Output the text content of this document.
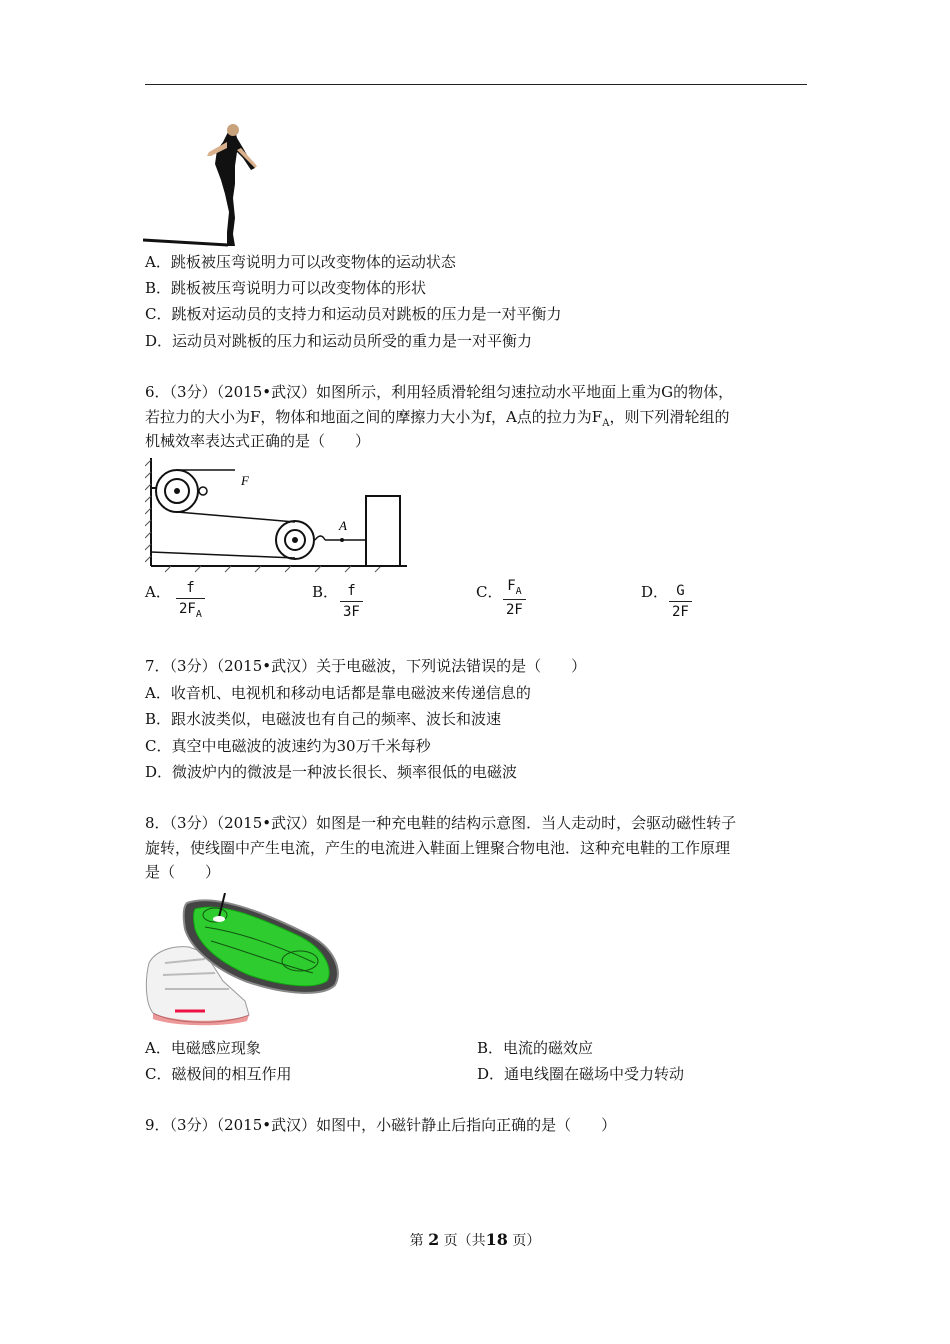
A．跳板被压弯说明力可以改变物体的运动状态
B．跳板被压弯说明力可以改变物体的形状
C．跳板对运动员的支持力和运动员对跳板的压力是一对平衡力
D．运动员对跳板的压力和运动员所受的重力是一对平衡力
6．（3分）（2015•武汉）如图所示，利用轻质滑轮组匀速拉动水平地面上重为G的物体，
若拉力的大小为F，物体和地面之间的摩擦力大小为f，A点的拉力为$F_A$，则下列滑轮组的
机械效率表达式正确的是（　　）
F
A
A．	f
$2F_A$
B． f
3F
C． $F_A$
2F
D． G
2F
7．（3分）（2015•武汉）关于电磁波，下列说法错误的是（　　）
A．收音机、电视机和移动电话都是靠电磁波来传递信息的
B．跟水波类似，电磁波也有自己的频率、波长和波速
C．真空中电磁波的波速约为30万千米每秒
D．微波炉内的微波是一种波长很长、频率很低的电磁波
8．（3分）（2015•武汉）如图是一种充电鞋的结构示意图．当人走动时，会驱动磁性转子
旋转，使线圈中产生电流，产生的电流进入鞋面上锂聚合物电池．这种充电鞋的工作原理
是（　　）
A．电磁感应现象	B．电流的磁效应
C．磁极间的相互作用	D．通电线圈在磁场中受力转动
9．（3分）（2015•武汉）如图中，小磁针静止后指向正确的是（　　）
第 2 页（共18 页）
